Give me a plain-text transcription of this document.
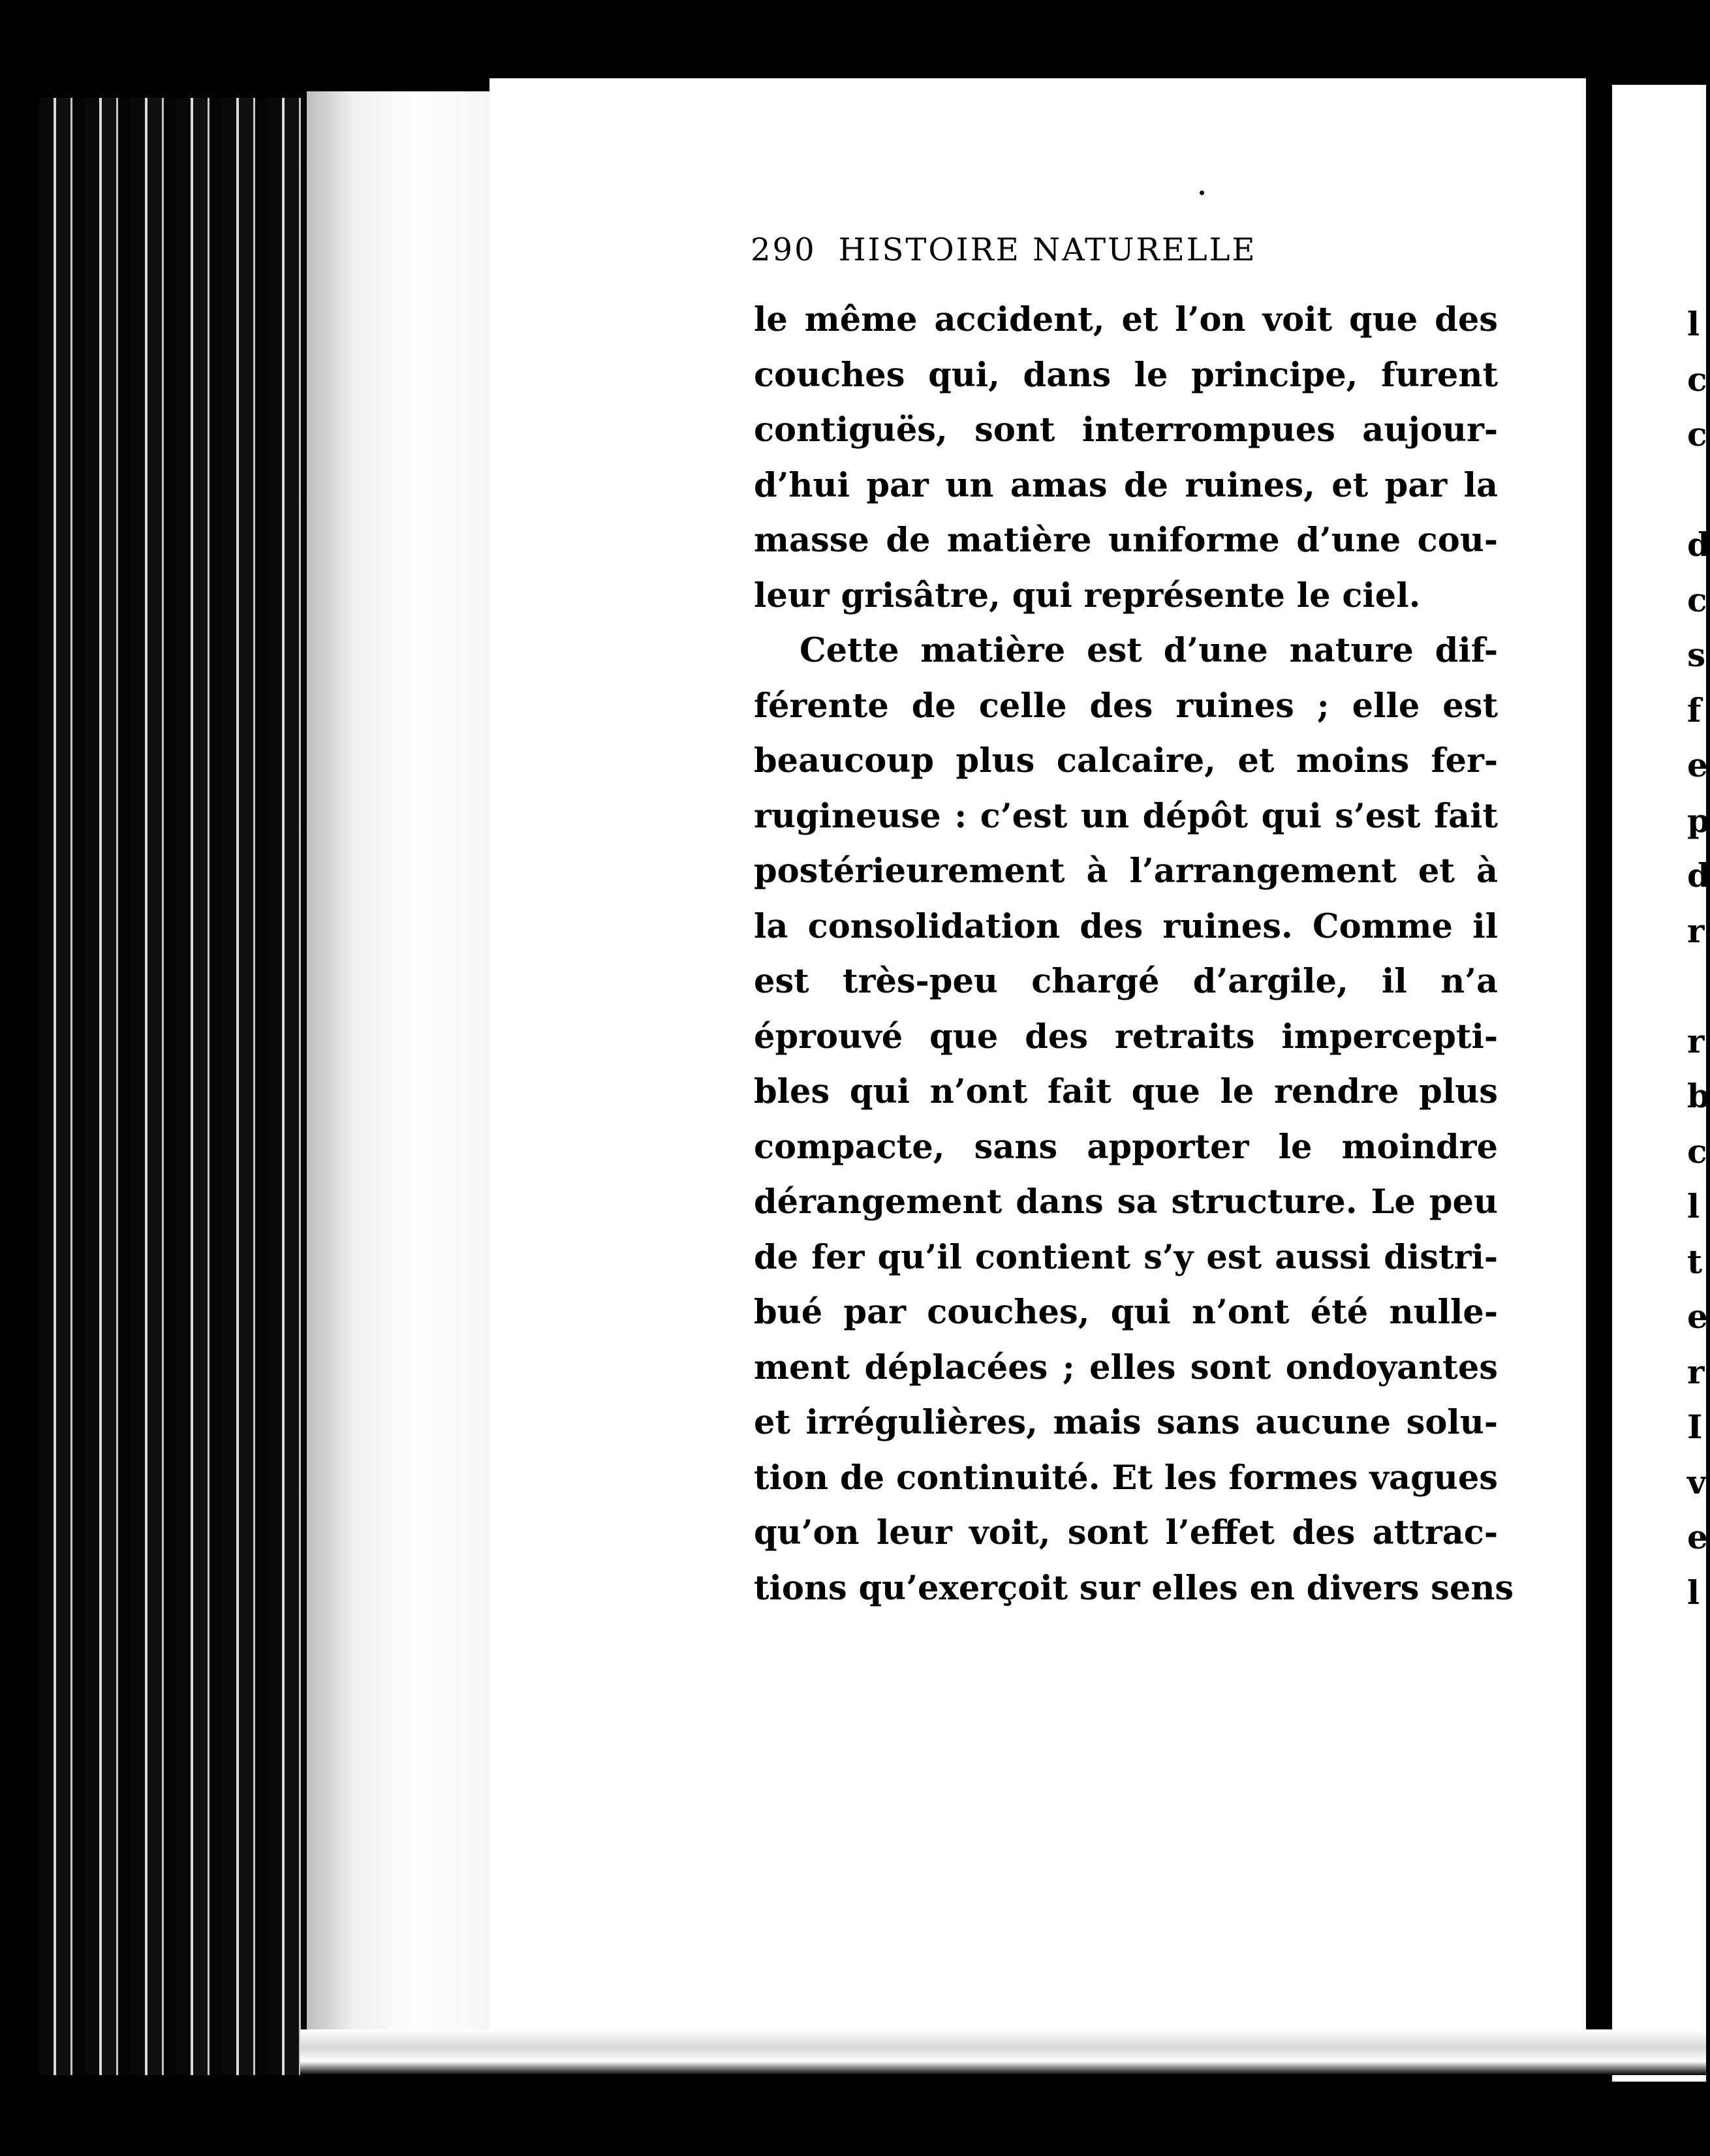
290 HISTOIRE NATURELLE
le même accident, et l’on voit que des
couches qui, dans le principe, furent
contiguës, sont interrompues aujour-
d’hui par un amas de ruines, et par la
masse de matière uniforme d’une cou-
leur grisâtre, qui représente le ciel.
Cette matière est d’une nature dif-
férente de celle des ruines ; elle est
beaucoup plus calcaire, et moins fer-
rugineuse : c’est un dépôt qui s’est fait
postérieurement à l’arrangement et à
la consolidation des ruines. Comme il
est très-peu chargé d’argile, il n’a
éprouvé que des retraits impercepti-
bles qui n’ont fait que le rendre plus
compacte, sans apporter le moindre
dérangement dans sa structure. Le peu
de fer qu’il contient s’y est aussi distri-
bué par couches, qui n’ont été nulle-
ment déplacées ; elles sont ondoyantes
et irrégulières, mais sans aucune solu-
tion de continuité. Et les formes vagues
qu’on leur voit, sont l’effet des attrac-
tions qu’exerçoit sur elles en divers sens
l
c
c
d
c
s
f
e
p
d
r
r
b
c
l
t
e
r
I
v
e
l
